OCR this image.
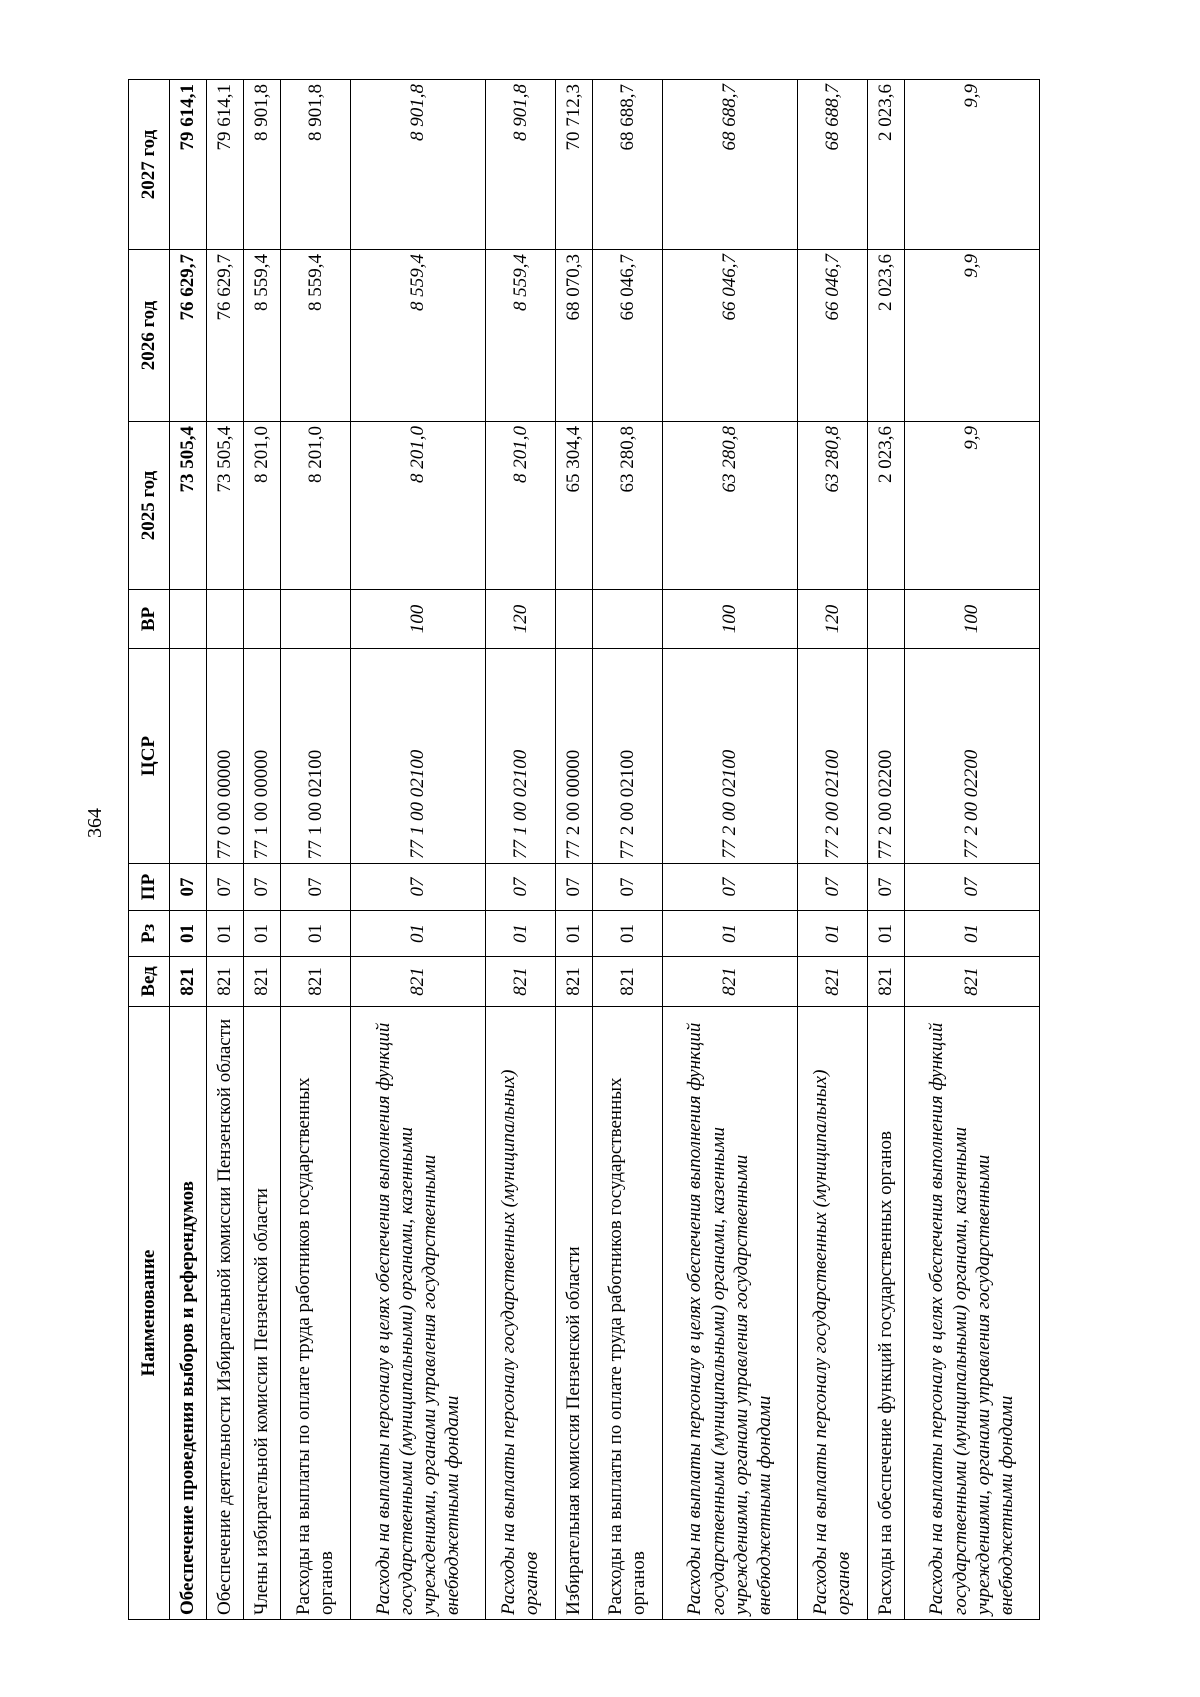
364
Наименование	Вед	Рз	ПР	ЦСР	ВР	2025 год	2026 год	2027 год
Обеспечение проведения выборов и референдумов	821	01	07			73 505,4	76 629,7	79 614,1
Обеспечение деятельности Избирательной комиссии Пензенской области	821	01	07	77 0 00 00000		73 505,4	76 629,7	79 614,1
Члены избирательной комиссии Пензенской области	821	01	07	77 1 00 00000		8 201,0	8 559,4	8 901,8
Расходы на выплаты по оплате труда работников государственных органов	821	01	07	77 1 00 02100		8 201,0	8 559,4	8 901,8
Расходы на выплаты персоналу в целях обеспечения выполнения функций государственными (муниципальными) органами, казенными учреждениями, органами управления государственными внебюджетными фондами	821	01	07	77 1 00 02100	100	8 201,0	8 559,4	8 901,8
Расходы на выплаты персоналу государственных (муниципальных) органов	821	01	07	77 1 00 02100	120	8 201,0	8 559,4	8 901,8
Избирательная комиссия Пензенской области	821	01	07	77 2 00 00000		65 304,4	68 070,3	70 712,3
Расходы на выплаты по оплате труда работников государственных органов	821	01	07	77 2 00 02100		63 280,8	66 046,7	68 688,7
Расходы на выплаты персоналу в целях обеспечения выполнения функций государственными (муниципальными) органами, казенными учреждениями, органами управления государственными внебюджетными фондами	821	01	07	77 2 00 02100	100	63 280,8	66 046,7	68 688,7
Расходы на выплаты персоналу государственных (муниципальных) органов	821	01	07	77 2 00 02100	120	63 280,8	66 046,7	68 688,7
Расходы на обеспечение функций государственных органов	821	01	07	77 2 00 02200		2 023,6	2 023,6	2 023,6
Расходы на выплаты персоналу в целях обеспечения выполнения функций государственными (муниципальными) органами, казенными учреждениями, органами управления государственными внебюджетными фондами	821	01	07	77 2 00 02200	100	9,9	9,9	9,9
